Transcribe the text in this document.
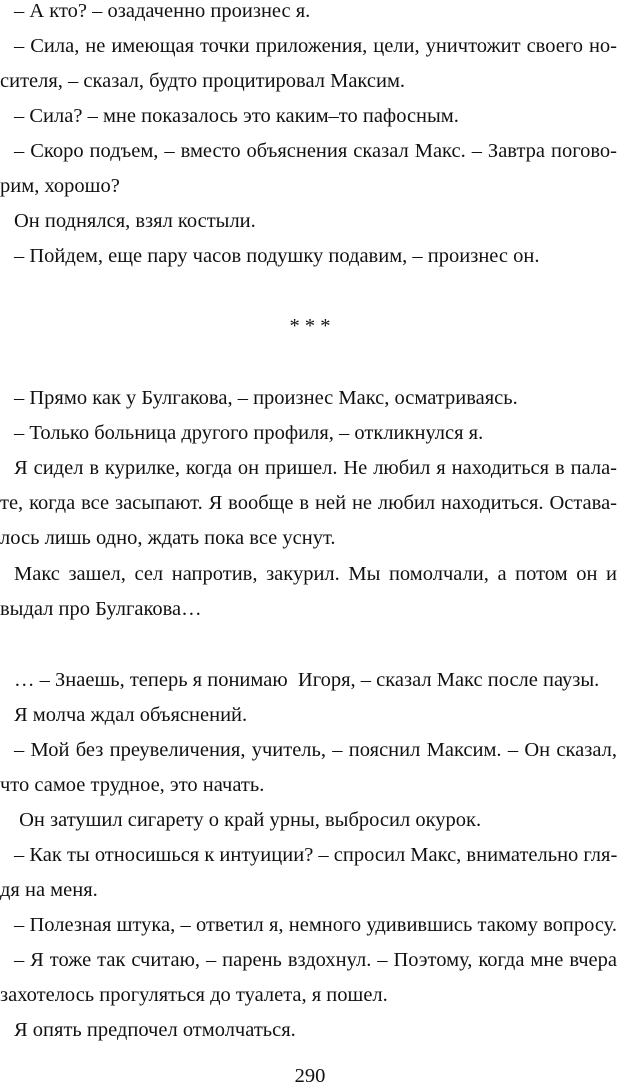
– А кто? – озадаченно произнес я.

– Сила, не имеющая точки приложения, цели, уничтожит своего но-

сителя, – сказал, будто процитировал Максим.

– Сила? – мне показалось это каким–то пафосным.

– Скоро подъем, – вместо объяснения сказал Макс. – Завтра погово-

рим, хорошо?

Он поднялся, взял костыли.

– Пойдем, еще пару часов подушку подавим, – произнес он.

* * *

– Прямо как у Булгакова, – произнес Макс, осматриваясь.

– Только больница другого профиля, – откликнулся я.

Я сидел в курилке, когда он пришел. Не любил я находиться в пала-

те, когда все засыпают. Я вообще в ней не любил находиться. Остава-

лось лишь одно, ждать пока все уснут.

Макс зашел, сел напротив, закурил. Мы помолчали, а потом он и

выдал про Булгакова…

… – Знаешь, теперь я понимаю  Игоря, – сказал Макс после паузы.

Я молча ждал объяснений.

– Мой без преувеличения, учитель, – пояснил Максим. – Он сказал,

что самое трудное, это начать.

Он затушил сигарету о край урны, выбросил окурок.

– Как ты относишься к интуиции? – спросил Макс, внимательно гля-

дя на меня.

– Полезная штука, – ответил я, немного удивившись такому вопросу.

– Я тоже так считаю, – парень вздохнул. – Поэтому, когда мне вчера

захотелось прогуляться до туалета, я пошел.

Я опять предпочел отмолчаться.

290
